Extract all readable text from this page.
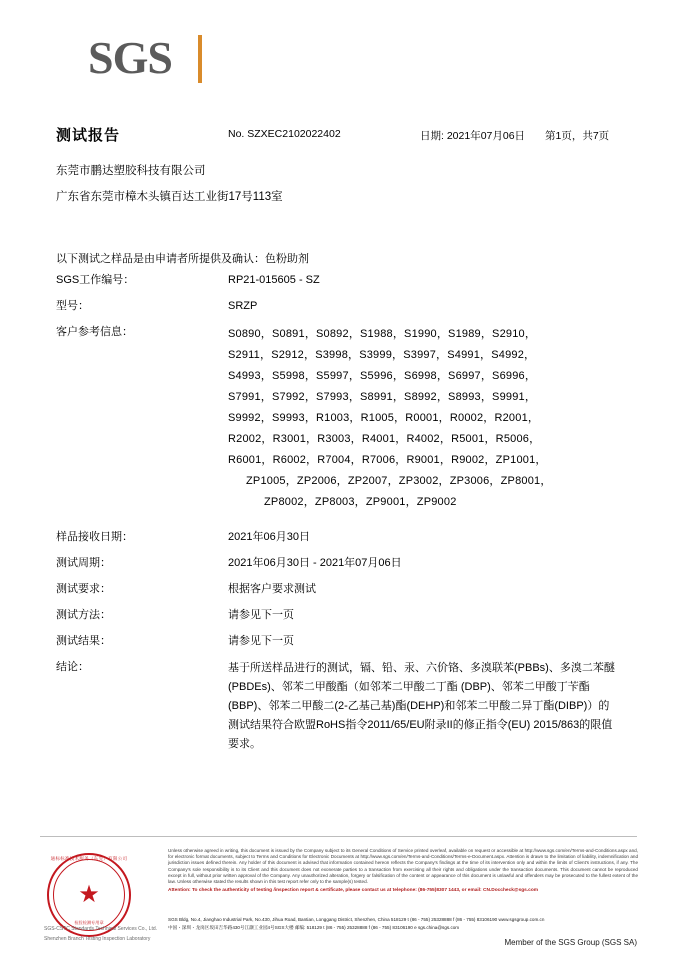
SGS
测试报告	No. SZXEC2102022402	日期: 2021年07月06日 第1页，共7页
东莞市鹏达塑胶科技有限公司
广东省东莞市樟木头镇百达工业街17号113室
以下测试之样品是由申请者所提供及确认：色粉助剂
SGS工作编号：	RP21-015605 - SZ
型号：	SRZP
客户参考信息：	S0890，S0891，S0892，S1988，S1990，S1989，S2910，
S2911，S2912，S3998，S3999，S3997，S4991，S4992，
S4993，S5998，S5997，S5996，S6998，S6997，S6996，
S7991，S7992，S7993，S8991，S8992，S8993，S9991，
S9992，S9993，R1003，R1005，R0001，R0002，R2001，
R2002，R3001，R3003，R4001，R4002，R5001，R5006，
R6001，R6002，R7004，R7006，R9001，R9002，ZP1001，
ZP1005，ZP2006，ZP2007，ZP3002，ZP3006，ZP8001，
ZP8002，ZP8003，ZP9001，ZP9002
样品接收日期：	2021年06月30日
测试周期：	2021年06月30日 - 2021年07月06日
测试要求：	根据客户要求测试
测试方法：	请参见下一页
测试结果：	请参见下一页
结论：	基于所送样品进行的测试，镉、铅、汞、六价铬、多溴联苯(PBBs)、多溴二苯醚(PBDEs)、邻苯二甲酸酯（如邻苯二甲酸二丁酯 (DBP)、邻苯二甲酸丁苄酯(BBP)、邻苯二甲酸二(2-乙基己基)酯(DEHP)和邻苯二甲酸二异丁酯(DIBP)）的测试结果符合欧盟RoHS指令2011/65/EU附录II的修正指令(EU) 2015/863的限值要求。
通标标准技术服务（东莞）有限公司
★
检验检测专用章
SGS-CSTC Standards Technical Services Co., Ltd.
Shenzhen Branch Testing Inspection Laboratory
Unless otherwise agreed in writing, this document is issued by the Company subject to its General Conditions of Service printed overleaf, available on request or accessible at http://www.sgs.com/en/Terms-and-Conditions.aspx and, for electronic format documents, subject to Terms and Conditions for Electronic Documents at http://www.sgs.com/en/Terms-and-Conditions/Terms-e-Document.aspx. Attention is drawn to the limitation of liability, indemnification and jurisdiction issues defined therein. Any holder of this document is advised that information contained hereon reflects the Company's findings at the time of its intervention only and within the limits of Client's instructions, if any. The Company's sole responsibility is to its Client and this document does not exonerate parties to a transaction from exercising all their rights and obligations under the transaction documents. This document cannot be reproduced except in full, without prior written approval of the Company. Any unauthorized alteration, forgery or falsification of the content or appearance of this document is unlawful and offenders may be prosecuted to the fullest extent of the law. Unless otherwise stated the results shown in this test report refer only to the sample(s) tested.
Attention: To check the authenticity of testing /inspection report & certificate, please contact us at telephone: (86-755)8307 1443, or email: CN.Doccheck@sgs.com
SGS Bldg, No.4, Jianghao Industrial Park, No.430, Jihua Road, Bantian, Longgang District, Shenzhen, China 518129 t (86 - 755) 25328888 f (86 - 755) 83106190 www.sgsgroup.com.cn
中国・深圳・龙岗区坂田吉华路430号江灏工业园4号SGS大楼 邮编: 518129 t (86 - 755) 25328888 f (86 - 755) 83106190 e sgs.china@sgs.com
Member of the SGS Group (SGS SA)
